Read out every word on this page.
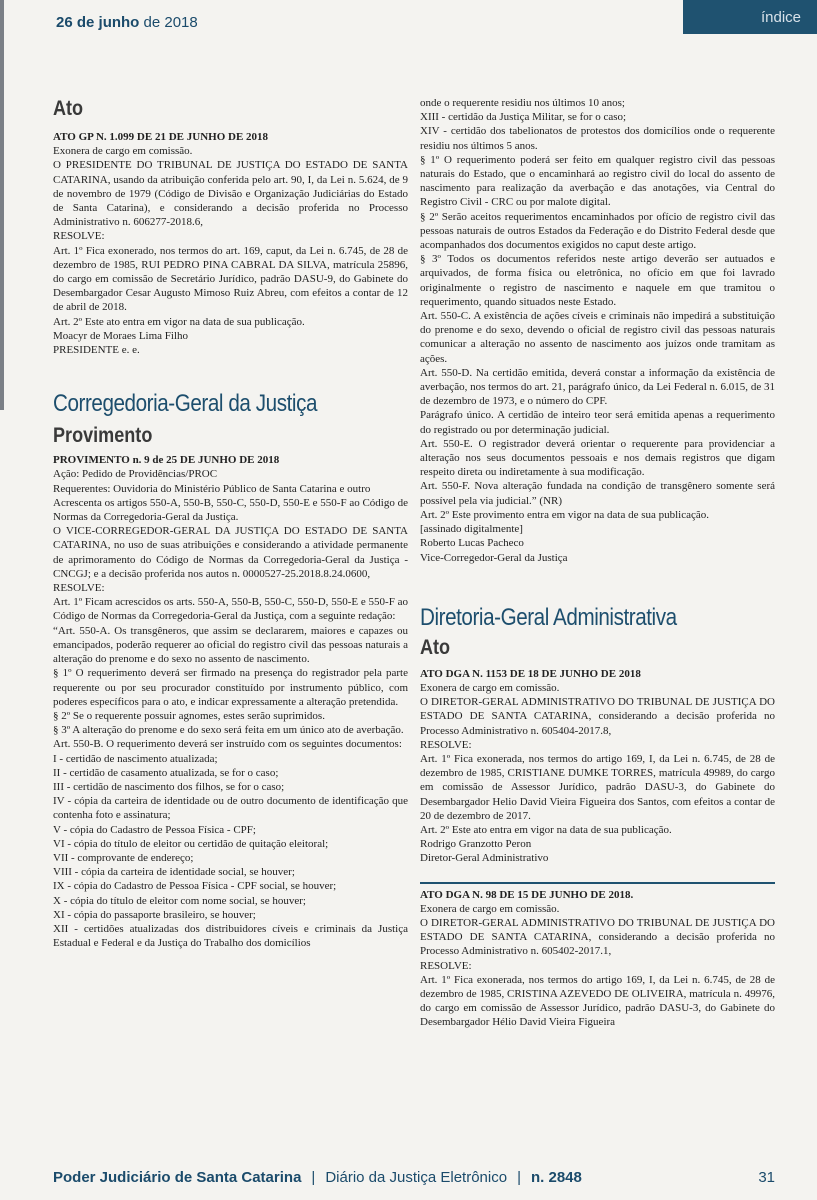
26 de junho de 2018	índice
Ato
ATO GP N. 1.099 DE 21 DE JUNHO DE 2018

Exonera de cargo em comissão.

O PRESIDENTE DO TRIBUNAL DE JUSTIÇA DO ESTADO DE SANTA CATARINA, usando da atribuição conferida pelo art. 90, I, da Lei n. 5.624, de 9 de novembro de 1979 (Código de Divisão e Organização Judiciárias do Estado de Santa Catarina), e considerando a decisão proferida no Processo Administrativo n. 606277-2018.6,

RESOLVE:

Art. 1º Fica exonerado, nos termos do art. 169, caput, da Lei n. 6.745, de 28 de dezembro de 1985, RUI PEDRO PINA CABRAL DA SILVA, matrícula 25896, do cargo em comissão de Secretário Jurídico, padrão DASU-9, do Gabinete do Desembargador Cesar Augusto Mimoso Ruiz Abreu, com efeitos a contar de 12 de abril de 2018.

Art. 2º Este ato entra em vigor na data de sua publicação.

Moacyr de Moraes Lima Filho

PRESIDENTE e. e.

Corregedoria-Geral da Justiça
Provimento
PROVIMENTO n. 9 de 25 DE JUNHO DE 2018

Ação: Pedido de Providências/PROC

Requerentes: Ouvidoria do Ministério Público de Santa Catarina e outro

Acrescenta os artigos 550-A, 550-B, 550-C, 550-D, 550-E e 550-F ao Código de Normas da Corregedoria-Geral da Justiça.

O VICE-CORREGEDOR-GERAL DA JUSTIÇA DO ESTADO DE SANTA CATARINA, no uso de suas atribuições e considerando a atividade permanente de aprimoramento do Código de Normas da Corregedoria-Geral da Justiça - CNCGJ; e a decisão proferida nos autos n. 0000527-25.2018.8.24.0600,

RESOLVE:

Art. 1º Ficam acrescidos os arts. 550-A, 550-B, 550-C, 550-D, 550-E e 550-F ao Código de Normas da Corregedoria-Geral da Justiça, com a seguinte redação:

“Art. 550-A. Os transgêneros, que assim se declararem, maiores e capazes ou emancipados, poderão requerer ao oficial do registro civil das pessoas naturais a alteração do prenome e do sexo no assento de nascimento.

§ 1º O requerimento deverá ser firmado na presença do registrador pela parte requerente ou por seu procurador constituído por instrumento público, com poderes específicos para o ato, e indicar expressamente a alteração pretendida.

§ 2º Se o requerente possuir agnomes, estes serão suprimidos.

§ 3º A alteração do prenome e do sexo será feita em um único ato de averbação.

Art. 550-B. O requerimento deverá ser instruído com os seguintes documentos:

I - certidão de nascimento atualizada;

II - certidão de casamento atualizada, se for o caso;

III - certidão de nascimento dos filhos, se for o caso;

IV - cópia da carteira de identidade ou de outro documento de identificação que contenha foto e assinatura;

V - cópia do Cadastro de Pessoa Física - CPF;

VI - cópia do título de eleitor ou certidão de quitação eleitoral;

VII - comprovante de endereço;

VIII - cópia da carteira de identidade social, se houver;

IX - cópia do Cadastro de Pessoa Física - CPF social, se houver;

X - cópia do título de eleitor com nome social, se houver;

XI - cópia do passaporte brasileiro, se houver;

XII - certidões atualizadas dos distribuidores cíveis e criminais da Justiça Estadual e Federal e da Justiça do Trabalho dos domicílios

onde o requerente residiu nos últimos 10 anos;

XIII - certidão da Justiça Militar, se for o caso;

XIV - certidão dos tabelionatos de protestos dos domicílios onde o requerente residiu nos últimos 5 anos.

§ 1º O requerimento poderá ser feito em qualquer registro civil das pessoas naturais do Estado, que o encaminhará ao registro civil do local do assento de nascimento para realização da averbação e das anotações, via Central do Registro Civil - CRC ou por malote digital.

§ 2º Serão aceitos requerimentos encaminhados por ofício de registro civil das pessoas naturais de outros Estados da Federação e do Distrito Federal desde que acompanhados dos documentos exigidos no caput deste artigo.

§ 3º Todos os documentos referidos neste artigo deverão ser autuados e arquivados, de forma física ou eletrônica, no ofício em que foi lavrado originalmente o registro de nascimento e naquele em que tramitou o requerimento, quando situados neste Estado.

Art. 550-C. A existência de ações cíveis e criminais não impedirá a substituição do prenome e do sexo, devendo o oficial de registro civil das pessoas naturais comunicar a alteração no assento de nascimento aos juízos onde tramitam as ações.

Art. 550-D. Na certidão emitida, deverá constar a informação da existência de averbação, nos termos do art. 21, parágrafo único, da Lei Federal n. 6.015, de 31 de dezembro de 1973, e o número do CPF.

Parágrafo único. A certidão de inteiro teor será emitida apenas a requerimento do registrado ou por determinação judicial.

Art. 550-E. O registrador deverá orientar o requerente para providenciar a alteração nos seus documentos pessoais e nos demais registros que digam respeito direta ou indiretamente à sua modificação.

Art. 550-F. Nova alteração fundada na condição de transgênero somente será possível pela via judicial.” (NR)

Art. 2º Este provimento entra em vigor na data de sua publicação.

[assinado digitalmente]

Roberto Lucas Pacheco

Vice-Corregedor-Geral da Justiça

Diretoria-Geral Administrativa
Ato
ATO DGA N. 1153 DE 18 DE JUNHO DE 2018

Exonera de cargo em comissão.

O DIRETOR-GERAL ADMINISTRATIVO DO TRIBUNAL DE JUSTIÇA DO ESTADO DE SANTA CATARINA, considerando a decisão proferida no Processo Administrativo n. 605404-2017.8,

RESOLVE:

Art. 1º Fica exonerada, nos termos do artigo 169, I, da Lei n. 6.745, de 28 de dezembro de 1985, CRISTIANE DUMKE TORRES, matrícula 49989, do cargo em comissão de Assessor Jurídico, padrão DASU-3, do Gabinete do Desembargador Helio David Vieira Figueira dos Santos, com efeitos a contar de 20 de dezembro de 2017.

Art. 2º Este ato entra em vigor na data de sua publicação.

Rodrigo Granzotto Peron

Diretor-Geral Administrativo

ATO DGA N. 98 DE 15 DE JUNHO DE 2018.

Exonera de cargo em comissão.

O DIRETOR-GERAL ADMINISTRATIVO DO TRIBUNAL DE JUSTIÇA DO ESTADO DE SANTA CATARINA, considerando a decisão proferida no Processo Administrativo n. 605402-2017.1,

RESOLVE:

Art. 1º Fica exonerada, nos termos do artigo 169, I, da Lei n. 6.745, de 28 de dezembro de 1985, CRISTINA AZEVEDO DE OLIVEIRA, matrícula n. 49976, do cargo em comissão de Assessor Jurídico, padrão DASU-3, do Gabinete do Desembargador Hélio David Vieira Figueira

Poder Judiciário de Santa Catarina | Diário da Justiça Eletrônico | n. 2848	31
